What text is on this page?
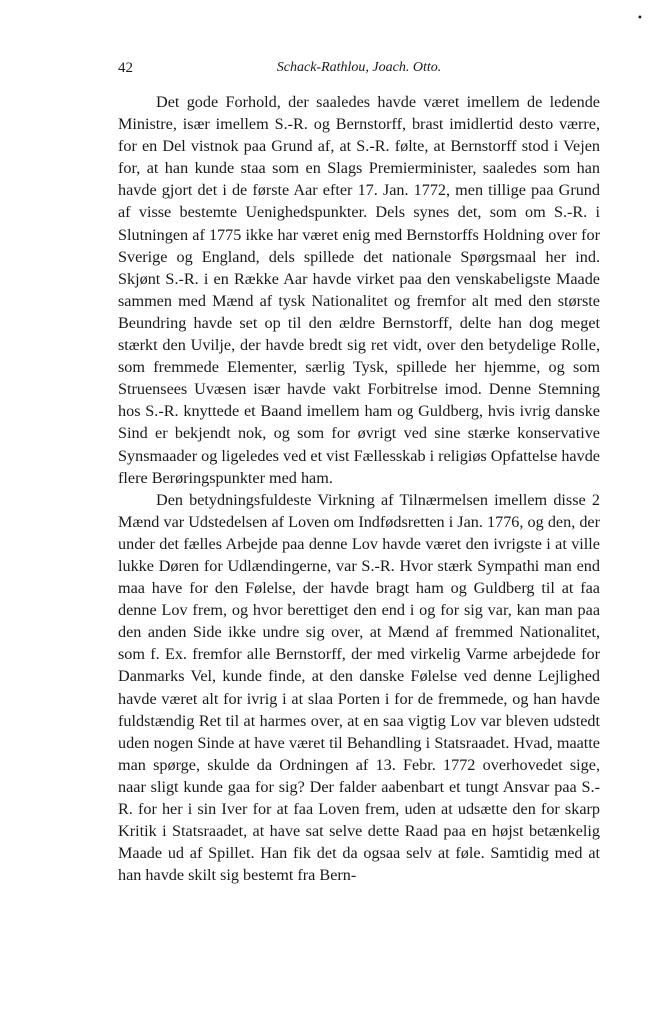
•
42	Schack-Rathlou, Joach. Otto.

Det gode Forhold, der saaledes havde været imellem de ledende Ministre, især imellem S.-R. og Bernstorff, brast imidlertid desto værre, for en Del vistnok paa Grund af, at S.-R. følte, at Bernstorff stod i Vejen for, at han kunde staa som en Slags Premierminister, saaledes som han havde gjort det i de første Aar efter 17. Jan. 1772, men tillige paa Grund af visse bestemte Uenighedspunkter. Dels synes det, som om S.-R. i Slutningen af 1775 ikke har været enig med Bernstorffs Holdning over for Sverige og England, dels spillede det nationale Spørgsmaal her ind. Skjønt S.-R. i en Række Aar havde virket paa den venskabeligste Maade sammen med Mænd af tysk Nationalitet og fremfor alt med den største Beundring havde set op til den ældre Bernstorff, delte han dog meget stærkt den Uvilje, der havde bredt sig ret vidt, over den betydelige Rolle, som fremmede Elementer, særlig Tysk, spillede her hjemme, og som Struensees Uvæsen især havde vakt Forbitrelse imod. Denne Stemning hos S.-R. knyttede et Baand imellem ham og Guldberg, hvis ivrig danske Sind er bekjendt nok, og som for øvrigt ved sine stærke konservative Synsmaader og ligeledes ved et vist Fællesskab i religiøs Opfattelse havde flere Berøringspunkter med ham.

Den betydningsfuldeste Virkning af Tilnærmelsen imellem disse 2 Mænd var Udstedelsen af Loven om Indfødsretten i Jan. 1776, og den, der under det fælles Arbejde paa denne Lov havde været den ivrigste i at ville lukke Døren for Udlændingerne, var S.-R. Hvor stærk Sympathi man end maa have for den Følelse, der havde bragt ham og Guldberg til at faa denne Lov frem, og hvor berettiget den end i og for sig var, kan man paa den anden Side ikke undre sig over, at Mænd af fremmed Nationalitet, som f. Ex. fremfor alle Bernstorff, der med virkelig Varme arbejdede for Danmarks Vel, kunde finde, at den danske Følelse ved denne Lejlighed havde været alt for ivrig i at slaa Porten i for de fremmede, og han havde fuldstændig Ret til at harmes over, at en saa vigtig Lov var bleven udstedt uden nogen Sinde at have været til Behandling i Statsraadet. Hvad, maatte man spørge, skulde da Ordningen af 13. Febr. 1772 overhovedet sige, naar sligt kunde gaa for sig? Der falder aabenbart et tungt Ansvar paa S.-R. for her i sin Iver for at faa Loven frem, uden at udsætte den for skarp Kritik i Statsraadet, at have sat selve dette Raad paa en højst betænkelig Maade ud af Spillet. Han fik det da ogsaa selv at føle. Samtidig med at han havde skilt sig bestemt fra Bern-
